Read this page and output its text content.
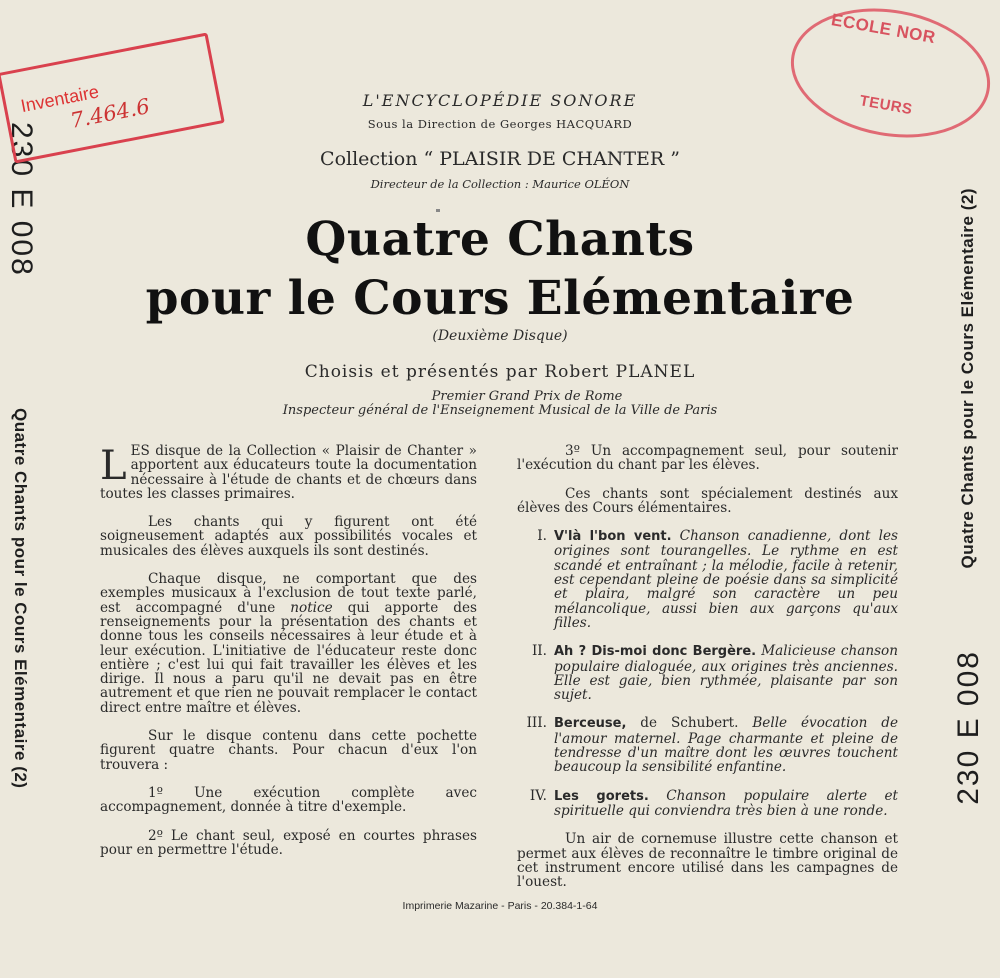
230 E 008
Quatre Chants pour le Cours Elémentaire (2)
Quatre Chants pour le Cours Elémentaire (2)
230 E 008
Inventaire
7.464.6
ECOLE NOR
TEURS
L'ENCYCLOPÉDIE SONORE
Sous la Direction de Georges HACQUARD
Collection “ PLAISIR DE CHANTER ”
Directeur de la Collection : Maurice OLÉON
Quatre Chants
pour le Cours Elémentaire
(Deuxième Disque)
Choisis et présentés par Robert PLANEL
Premier Grand Prix de Rome
Inspecteur général de l'Enseignement Musical de la Ville de Paris

LES disque de la Collection « Plaisir de Chanter » apportent aux éducateurs toute la documentation nécessaire à l'étude de chants et de chœurs dans toutes les classes primaires.

Les chants qui y figurent ont été soigneusement adaptés aux possibilités vocales et musicales des élèves auxquels ils sont destinés.

Chaque disque, ne comportant que des exemples musicaux à l'exclusion de tout texte parlé, est accompagné d'une notice qui apporte des renseignements pour la présentation des chants et donne tous les conseils nécessaires à leur étude et à leur exécution. L'initiative de l'éducateur reste donc entière ; c'est lui qui fait travailler les élèves et les dirige. Il nous a paru qu'il ne devait pas en être autrement et que rien ne pouvait remplacer le contact direct entre maître et élèves.

Sur le disque contenu dans cette pochette figurent quatre chants. Pour chacun d'eux l'on trouvera :

1º Une exécution complète avec accompagnement, donnée à titre d'exemple.

2º Le chant seul, exposé en courtes phrases pour en permettre l'étude.

3º Un accompagnement seul, pour soutenir l'exécution du chant par les élèves.

Ces chants sont spécialement destinés aux élèves des Cours élémentaires.

I. V'là l'bon vent. Chanson canadienne, dont les origines sont tourangelles. Le rythme en est scandé et entraînant ; la mélodie, facile à retenir, est cependant pleine de poésie dans sa simplicité et plaira, malgré son caractère un peu mélancolique, aussi bien aux garçons qu'aux filles.
II. Ah ? Dis-moi donc Bergère. Malicieuse chanson populaire dialoguée, aux origines très anciennes. Elle est gaie, bien rythmée, plaisante par son sujet.
III. Berceuse, de Schubert. Belle évocation de l'amour maternel. Page charmante et pleine de tendresse d'un maître dont les œuvres touchent beaucoup la sensibilité enfantine.
IV. Les gorets. Chanson populaire alerte et spirituelle qui conviendra très bien à une ronde.

Un air de cornemuse illustre cette chanson et permet aux élèves de reconnaître le timbre original de cet instrument encore utilisé dans les campagnes de l'ouest.

Imprimerie Mazarine - Paris - 20.384-1-64
